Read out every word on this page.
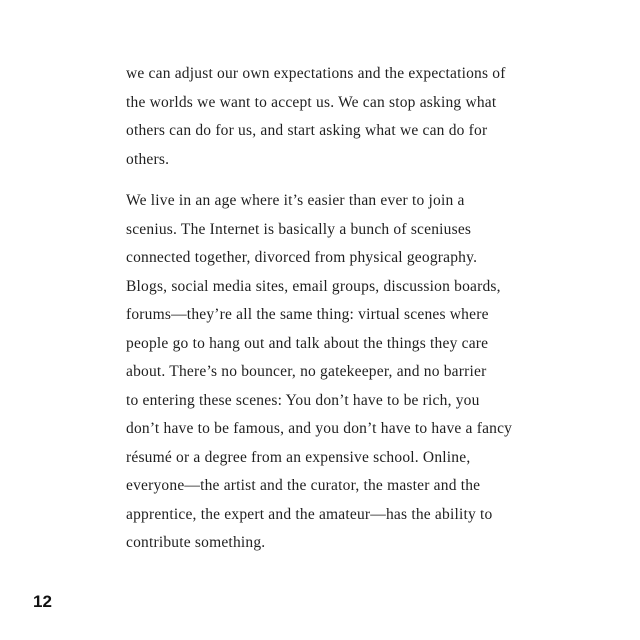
we can adjust our own expectations and the expectations of
the worlds we want to accept us. We can stop asking what
others can do for us, and start asking what we can do for
others.

We live in an age where it’s easier than ever to join a
scenius. The Internet is basically a bunch of sceniuses
connected together, divorced from physical geography.
Blogs, social media sites, email groups, discussion boards,
forums—they’re all the same thing: virtual scenes where
people go to hang out and talk about the things they care
about. There’s no bouncer, no gatekeeper, and no barrier
to entering these scenes: You don’t have to be rich, you
don’t have to be famous, and you don’t have to have a fancy
résumé or a degree from an expensive school. Online,
everyone—the artist and the curator, the master and the
apprentice, the expert and the amateur—has the ability to
contribute something.

12
